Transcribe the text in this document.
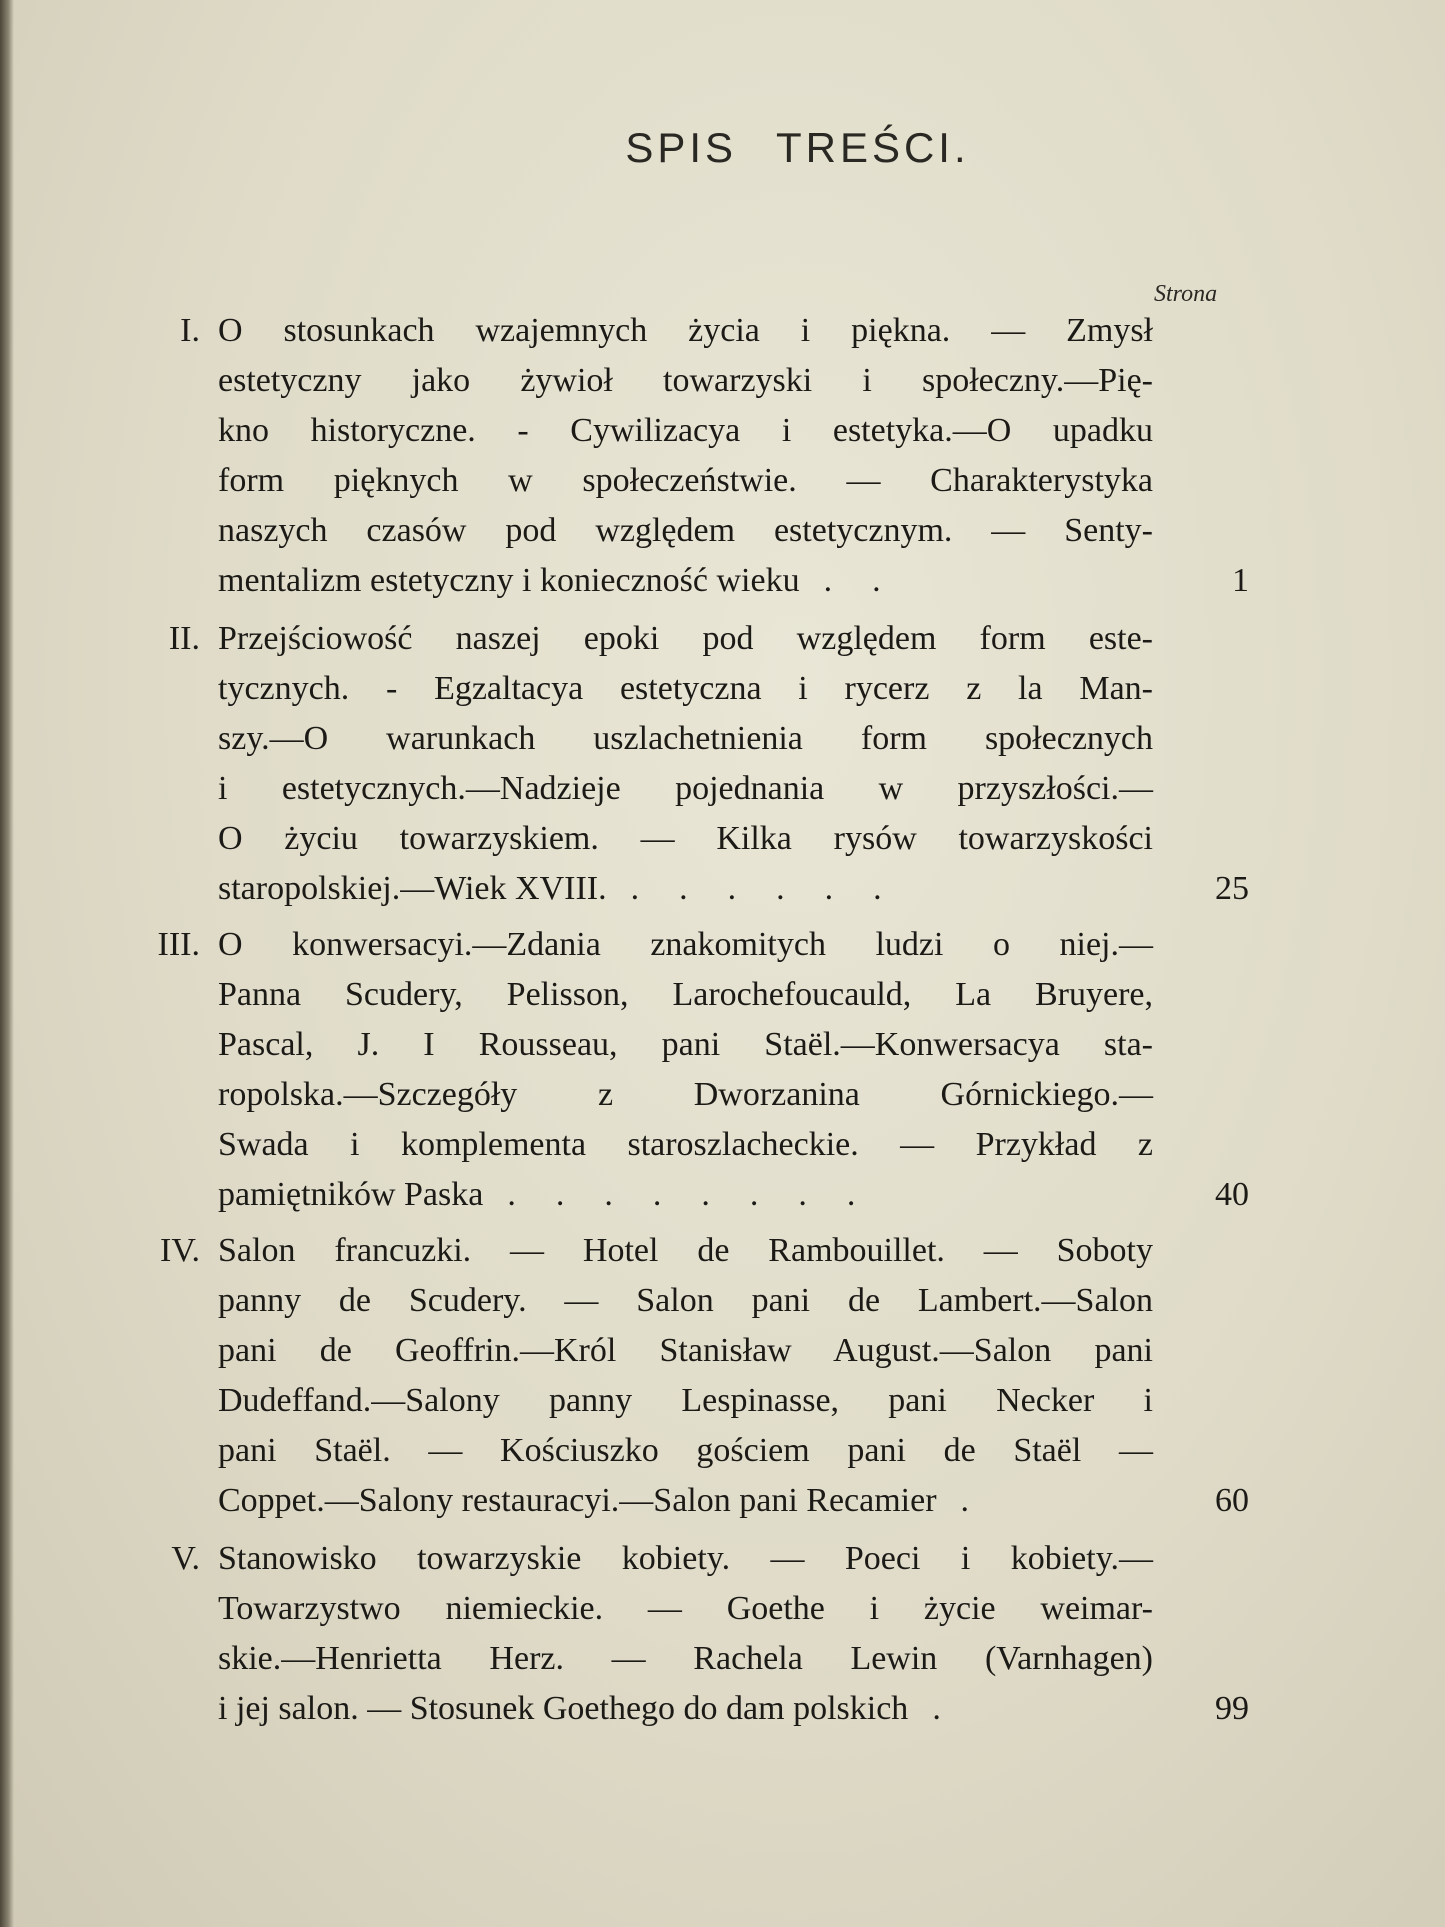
SPIS TREŚCI.
Strona
I. O stosunkach wzajemnych życia i piękna. — Zmysł
estetyczny jako żywioł towarzyski i społeczny.—Pię-
kno historyczne. - Cywilizacya i estetyka.—O upadku
form pięknych w społeczeństwie. — Charakterystyka
naszych czasów pod względem estetycznym. — Senty-
mentalizm estetyczny i konieczność wieku ..	1
II. Przejściowość naszej epoki pod względem form este-
tycznych. - Egzaltacya estetyczna i rycerz z la Man-
szy.—O warunkach uszlachetnienia form społecznych
i estetycznych.—Nadzieje pojednania w przyszłości.—
O życiu towarzyskiem. — Kilka rysów towarzyskości
staropolskiej.—Wiek XVIII. ......	25
III. O konwersacyi.—Zdania znakomitych ludzi o niej.—
Panna Scudery, Pelisson, Larochefoucauld, La Bruyere,
Pascal, J. I Rousseau, pani Staël.—Konwersacya sta-
ropolska.—Szczegóły z Dworzanina Górnickiego.—
Swada i komplementa staroszlacheckie. — Przykład z
pamiętników Paska ........	40
IV. Salon francuzki. — Hotel de Rambouillet. — Soboty
panny de Scudery. — Salon pani de Lambert.—Salon
pani de Geoffrin.—Król Stanisław August.—Salon pani
Dudeffand.—Salony panny Lespinasse, pani Necker i
pani Staël. — Kościuszko gościem pani de Staël —
Coppet.—Salony restauracyi.—Salon pani Recamier .	60
V. Stanowisko towarzyskie kobiety. — Poeci i kobiety.—
Towarzystwo niemieckie. — Goethe i życie weimar-
skie.—Henrietta Herz. — Rachela Lewin (Varnhagen)
i jej salon. — Stosunek Goethego do dam polskich .	99
